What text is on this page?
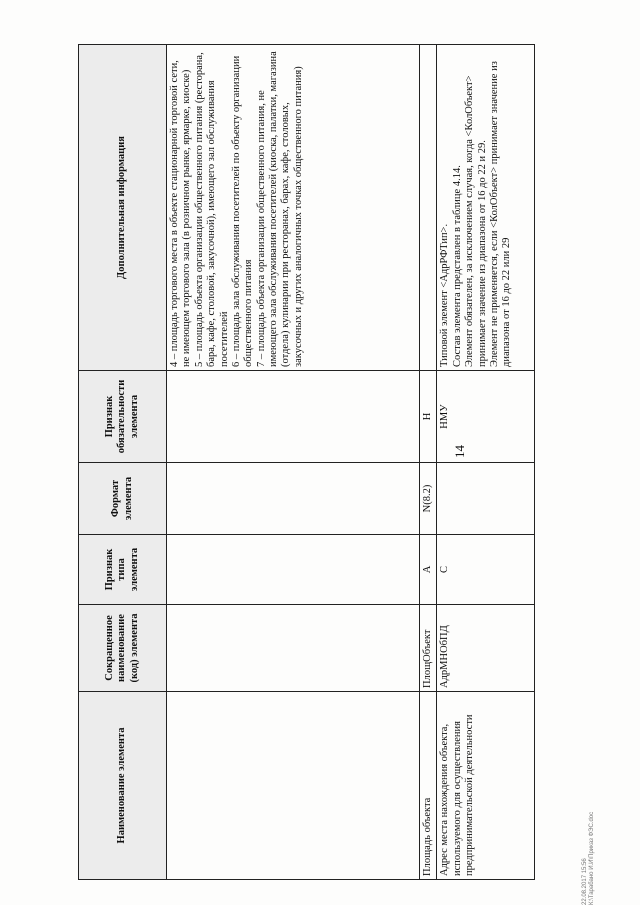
14
Наименование элемента	Сокращенное наименование (код) элемента	Признак типа элемента	Формат элемента	Признак обязательности элемента	Дополнительная информация

					4 – площадь торгового места в объекте стационарной торговой сети, не имеющем торгового зала (в розничном рынке, ярмарке, киоске) 5 – площадь объекта организации общественного питания (ресторана, бара, кафе, столовой, закусочной), имеющего зал обслуживания посетителей 6 – площадь зала обслуживания посетителей по объекту организации общественного питания 7 – площадь объекта организации общественного питания, не имеющего зала обслуживания посетителей (киоска, палатки, магазина (отдела) кулинарии при ресторанах, барах, кафе, столовых, закусочных и других аналогичных точках общественного питания)

Площадь объекта	ПлощОбъект	А	N(8.2)	Н	
Адрес места нахождения объекта, используемого для осуществления предпринимательской деятельности	АдрМНОбПД	С		НМУ	Типовой элемент <АдрРФТип>. Состав элемента представлен в таблице 4.14. Элемент обязателен, за исключением случая, когда <КолОбъект> принимает значение из диапазона от 16 до 22 и 29. Элемент не применяется, если <КолОбъект> принимает значение из диапазона от 16 до 22 или 29
22.08.2017 15:56 К:\Тарабано И.И\Приказ ФЭС.doc
